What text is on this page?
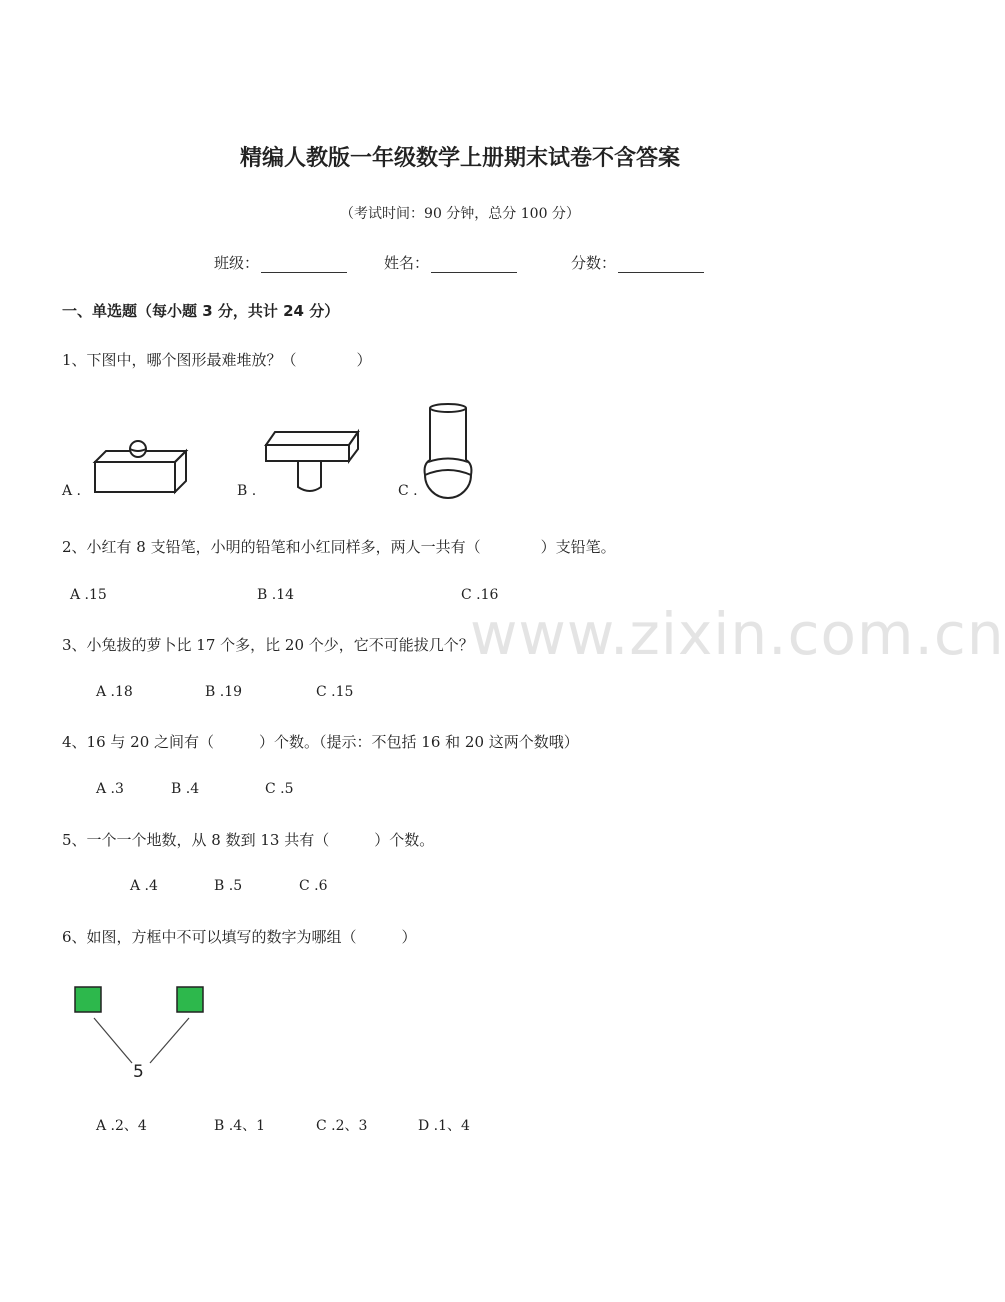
精编人教版一年级数学上册期末试卷不含答案
（考试时间：90 分钟，总分 100 分）
班级：	姓名：	分数：
一、单选题（每小题 3 分，共计 24 分）
1、下图中，哪个图形最难堆放？（　　　　）
A .	B .	C .
2、小红有 8 支铅笔，小明的铅笔和小红同样多，两人一共有（　　　　）支铅笔。
A .15	B .14	C .16
www.zixin.com.cn
3、小兔拔的萝卜比 17 个多，比 20 个少，它不可能拔几个？
A .18	B .19	C .15
4、16 与 20 之间有（　　　）个数。（提示：不包括 16 和 20 这两个数哦）
A .3	B .4	C .5
5、一个一个地数，从 8 数到 13 共有（　　　）个数。
A .4	B .5	C .6
6、如图，方框中不可以填写的数字为哪组（　　　）
5
A .2、4	B .4、1	C .2、3	D .1、4
